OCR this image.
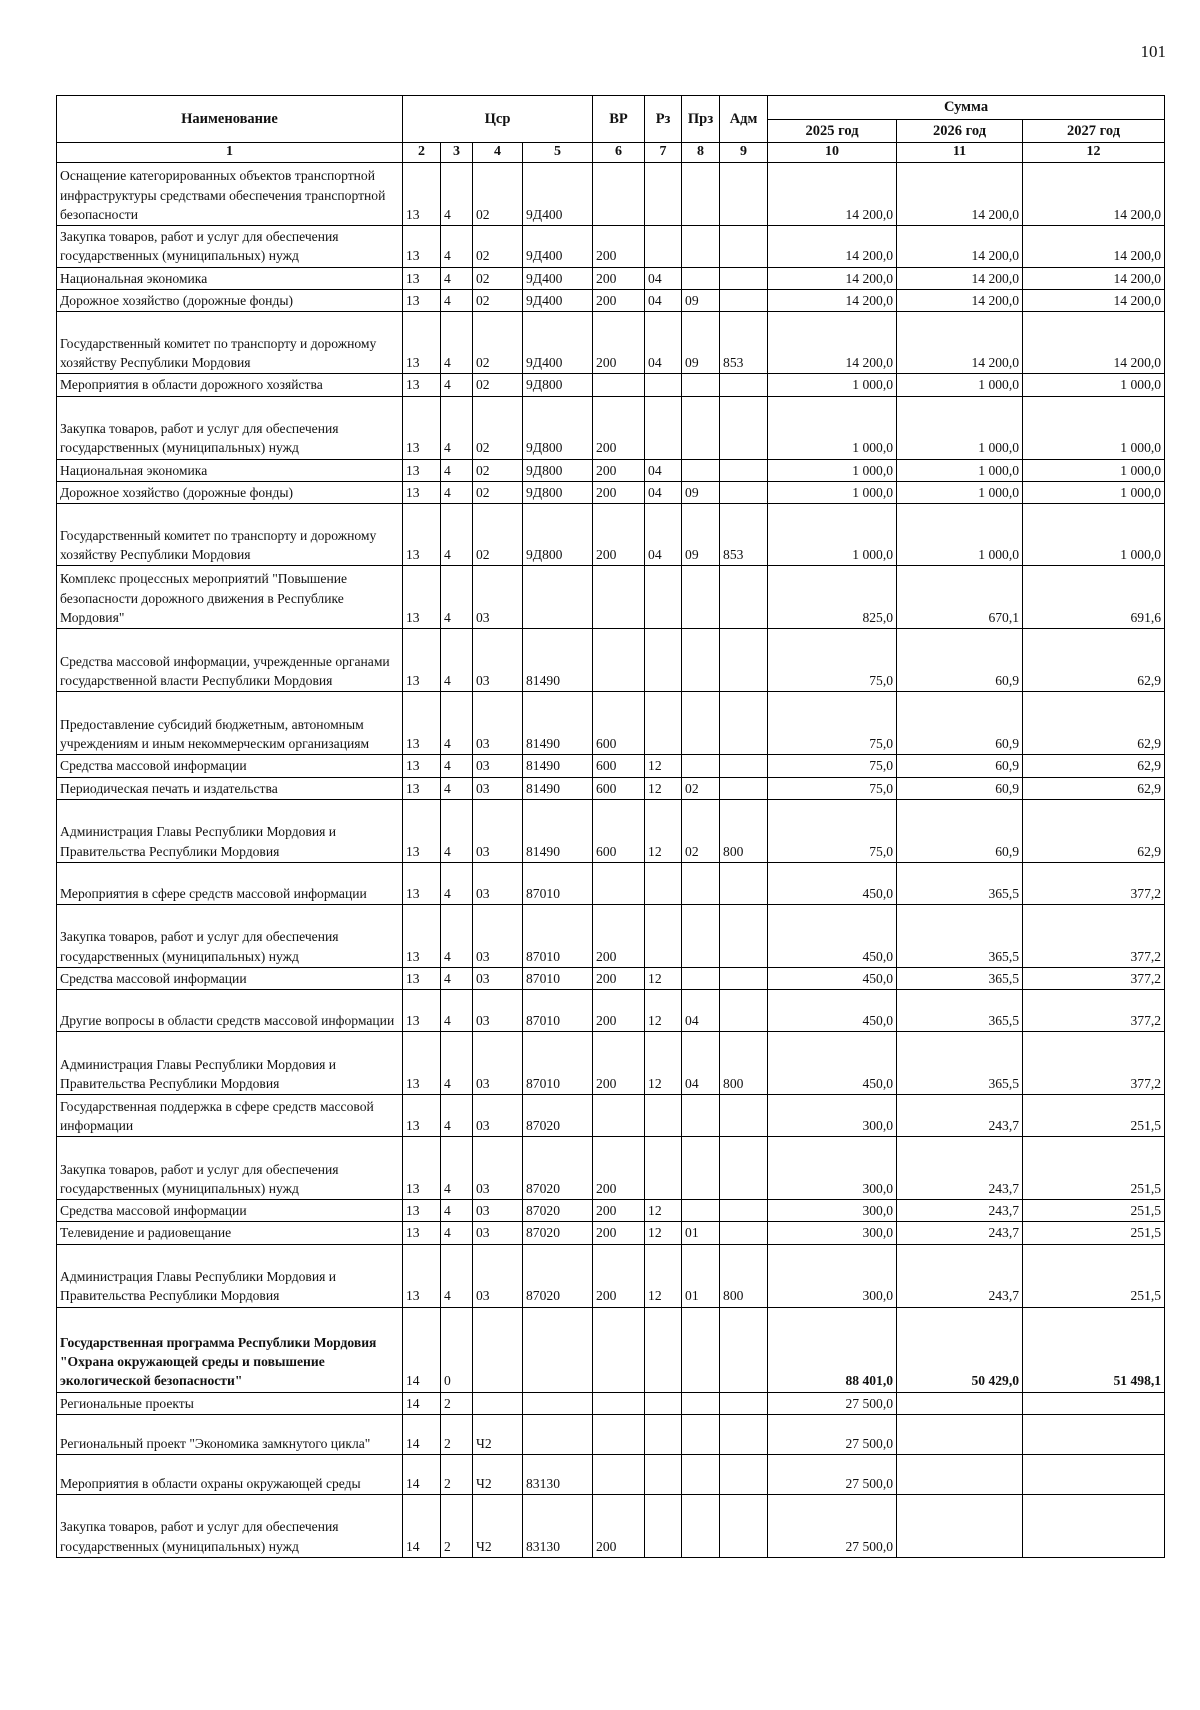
101
Наименование	Цср				ВР	Рз	Прз	Адм	Сумма		
									2025 год	2026 год	2027 год
1	2	3	4	5	6	7	8	9	10	11	12
Оснащение категорированных объектов транспортной инфраструктуры средствами обеспечения транспортной безопасности	13	4	02	9Д400					14 200,0	14 200,0	14 200,0
Закупка товаров, работ и услуг для обеспечения государственных (муниципальных) нужд	13	4	02	9Д400	200				14 200,0	14 200,0	14 200,0
Национальная экономика	13	4	02	9Д400	200	04			14 200,0	14 200,0	14 200,0
Дорожное хозяйство (дорожные фонды)	13	4	02	9Д400	200	04	09		14 200,0	14 200,0	14 200,0
Государственный комитет по транспорту и дорожному хозяйству Республики Мордовия	13	4	02	9Д400	200	04	09	853	14 200,0	14 200,0	14 200,0
Мероприятия в области дорожного хозяйства	13	4	02	9Д800					1 000,0	1 000,0	1 000,0
Закупка товаров, работ и услуг для обеспечения государственных (муниципальных) нужд	13	4	02	9Д800	200				1 000,0	1 000,0	1 000,0
Национальная экономика	13	4	02	9Д800	200	04			1 000,0	1 000,0	1 000,0
Дорожное хозяйство (дорожные фонды)	13	4	02	9Д800	200	04	09		1 000,0	1 000,0	1 000,0
Государственный комитет по транспорту и дорожному хозяйству Республики Мордовия	13	4	02	9Д800	200	04	09	853	1 000,0	1 000,0	1 000,0
Комплекс процессных мероприятий "Повышение безопасности дорожного движения в Республике Мордовия"	13	4	03						825,0	670,1	691,6
Средства массовой информации, учрежденные органами государственной власти Республики Мордовия	13	4	03	81490					75,0	60,9	62,9
Предоставление субсидий бюджетным, автономным учреждениям и иным некоммерческим организациям	13	4	03	81490	600				75,0	60,9	62,9
Средства массовой информации	13	4	03	81490	600	12			75,0	60,9	62,9
Периодическая печать и издательства	13	4	03	81490	600	12	02		75,0	60,9	62,9
Администрация Главы Республики Мордовия и Правительства Республики Мордовия	13	4	03	81490	600	12	02	800	75,0	60,9	62,9
Мероприятия в сфере средств массовой информации	13	4	03	87010					450,0	365,5	377,2
Закупка товаров, работ и услуг для обеспечения государственных (муниципальных) нужд	13	4	03	87010	200				450,0	365,5	377,2
Средства массовой информации	13	4	03	87010	200	12			450,0	365,5	377,2
Другие вопросы в области средств массовой информации	13	4	03	87010	200	12	04		450,0	365,5	377,2
Администрация Главы Республики Мордовия и Правительства Республики Мордовия	13	4	03	87010	200	12	04	800	450,0	365,5	377,2
Государственная поддержка в сфере средств массовой информации	13	4	03	87020					300,0	243,7	251,5
Закупка товаров, работ и услуг для обеспечения государственных (муниципальных) нужд	13	4	03	87020	200				300,0	243,7	251,5
Средства массовой информации	13	4	03	87020	200	12			300,0	243,7	251,5
Телевидение и радиовещание	13	4	03	87020	200	12	01		300,0	243,7	251,5
Администрация Главы Республики Мордовия и Правительства Республики Мордовия	13	4	03	87020	200	12	01	800	300,0	243,7	251,5
Государственная программа Республики Мордовия "Охрана окружающей среды и повышение экологической безопасности"	14	0							88 401,0	50 429,0	51 498,1
Региональные проекты	14	2							27 500,0		
Региональный проект "Экономика замкнутого цикла"	14	2	Ч2						27 500,0		
Мероприятия в области охраны окружающей среды	14	2	Ч2	83130					27 500,0		
Закупка товаров, работ и услуг для обеспечения государственных (муниципальных) нужд	14	2	Ч2	83130	200				27 500,0		
